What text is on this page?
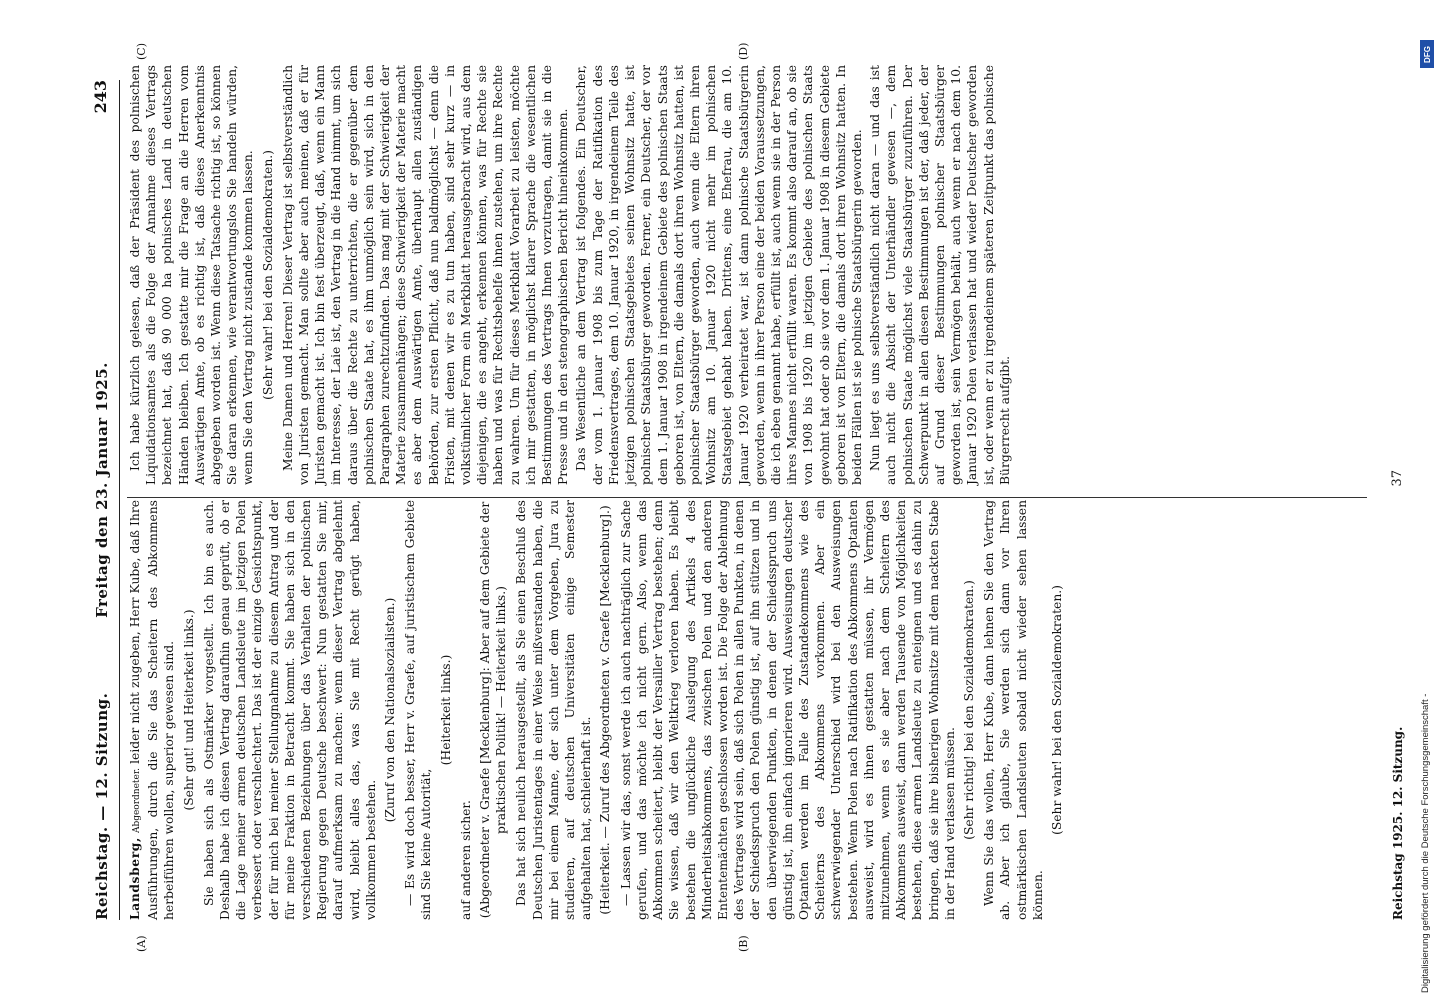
Reichstag. — 12. Sitzung.
Freitag den 23. Januar 1925.
243
(A)	(B)

Landsberg, Abgeordneter. leider nicht zugeben, Herr Kube, daß Ihre Ausführungen, durch die Sie das Scheitern des Abkommens herbeiführen wollen, superior gewesen sind. (Sehr gut! und Heiterkeit links.) Sie haben sich als Ostmärker vorgestellt. Ich bin es auch. Deshalb habe ich diesen Vertrag daraufhin genau geprüft, ob er die Lage meiner armen deutschen Landsleute im jetzigen Polen verbessert oder verschlechtert. Das ist der einzige Gesichtspunkt, der für mich bei meiner Stellungnahme zu diesem Antrag und der für meine Fraktion in Betracht kommt. Sie haben sich in den verschiedenen Beziehungen über das Verhalten der polnischen Regierung gegen Deutsche beschwert: Nun gestatten Sie mir, darauf aufmerksam zu machen: wenn dieser Vertrag abgelehnt wird, bleibt alles das, was Sie mit Recht gerügt haben, vollkommen bestehen.

(Zuruf von den Nationalsozialisten.) — Es wird doch besser, Herr v. Graefe, auf juristischem Gebiete sind Sie keine Autorität,

(Heiterkeit links.)

auf anderen sicher. (Abgeordneter v. Graefe [Mecklenburg]: Aber auf dem Gebiete der praktischen Politik! — Heiterkeit links.) Das hat sich neulich herausgestellt, als Sie einen Beschluß des Deutschen Juristentages in einer Weise mißverstanden haben, die mir bei einem Manne, der sich unter dem Vorgeben, Jura zu studieren, auf deutschen Universitäten einige Semester aufgehalten hat, schleierhaft ist. (Heiterkeit. — Zuruf des Abgeordneten v. Graefe [Mecklenburg].) — Lassen wir das, sonst werde ich auch nachträglich zur Sache gerufen, und das möchte ich nicht gern. Also, wenn das Abkommen scheitert, bleibt der Versailler Vertrag bestehen; denn Sie wissen, daß wir den Weltkrieg verloren haben. Es bleibt bestehen die unglückliche Auslegung des Artikels 4 des Minderheitsabkommens, das zwischen Polen und den anderen Ententemächten geschlossen worden ist. Die Folge der Ablehnung des Vertrages wird sein, daß sich Polen in allen Punkten, in denen der Schiedsspruch den Polen günstig ist, auf ihn stützen und in den überwiegenden Punkten, in denen der Schiedsspruch uns günstig ist, ihn einfach ignorieren wird. Ausweisungen deutscher Optanten werden im Falle des Zustandekommens wie des Scheiterns des Abkommens vorkommen. Aber ein schwerwiegender Unterschied wird bei den Ausweisungen bestehen. Wenn Polen nach Ratifikation des Abkommens Optanten ausweist, wird es ihnen gestatten müssen, ihr Vermögen mitzunehmen, wenn es sie aber nach dem Scheitern des Abkommens ausweist, dann werden Tausende von Möglichkeiten bestehen, diese armen Landsleute zu enteignen und es dahin zu bringen, daß sie ihre bisherigen Wohnsitze mit dem nackten Stabe in der Hand verlassen müssen. (Sehr richtig! bei den Sozialdemokraten.) Wenn Sie das wollen, Herr Kube, dann lehnen Sie den Vertrag ab. Aber ich glaube, Sie werden sich dann vor Ihren ostmärkischen Landsleuten sobald nicht wieder sehen lassen können.

(Sehr wahr! bei den Sozialdemokraten.)

Ich habe kürzlich gelesen, daß der Präsident des polnischen Liquidationsamtes als die Folge der Annahme dieses Vertrags bezeichnet hat, daß 90 000 ha polnisches Land in deutschen Händen bleiben. Ich gestatte mir die Frage an die Herren vom Auswärtigen Amte, ob es richtig ist, daß dieses Anerkenntnis abgegeben worden ist. Wenn diese Tatsache richtig ist, so können Sie daran erkennen, wie verantwortungslos Sie handeln würden, wenn Sie den Vertrag nicht zustande kommen lassen. (Sehr wahr! bei den Sozialdemokraten.) Meine Damen und Herren! Dieser Vertrag ist selbstverständlich von Juristen gemacht. Man sollte aber auch meinen, daß er für Juristen gemacht ist. Ich bin fest überzeugt, daß, wenn ein Mann im Interesse, der Laie ist, den Vertrag in die Hand nimmt, um sich daraus über die Rechte zu unterrichten, die er gegenüber dem polnischen Staate hat, es ihm unmöglich sein wird, sich in den Paragraphen zurechtzufinden. Das mag mit der Schwierigkeit der Materie zusammenhängen; diese Schwierigkeit der Materie macht es aber dem Auswärtigen Amte, überhaupt allen zuständigen Behörden, zur ersten Pflicht, daß nun baldmöglichst — denn die Fristen, mit denen wir es zu tun haben, sind sehr kurz — in volkstümlicher Form ein Merkblatt herausgebracht wird, aus dem diejenigen, die es angeht, erkennen können, was für Rechte sie haben und was für Rechtsbehelfe ihnen zustehen, um ihre Rechte zu wahren. Um für dieses Merkblatt Vorarbeit zu leisten, möchte ich mir gestatten, in möglichst klarer Sprache die wesentlichen Bestimmungen des Vertrags Ihnen vorzutragen, damit sie in die Presse und in den stenographischen Bericht hineinkommen. Das Wesentliche an dem Vertrag ist folgendes. Ein Deutscher, der vom 1. Januar 1908 bis zum Tage der Ratifikation des Friedensvertrages, dem 10. Januar 1920, in irgendeinem Teile des jetzigen polnischen Staatsgebietes seinen Wohnsitz hatte, ist polnischer Staatsbürger geworden. Ferner, ein Deutscher, der vor dem 1. Januar 1908 in irgendeinem Gebiete des polnischen Staats geboren ist, von Eltern, die damals dort ihren Wohnsitz hatten, ist polnischer Staatsbürger geworden, auch wenn die Eltern ihren Wohnsitz am 10. Januar 1920 nicht mehr im polnischen Staatsgebiet gehabt haben. Drittens, eine Ehefrau, die am 10. Januar 1920 verheiratet war, ist dann polnische Staatsbürgerin geworden, wenn in ihrer Person eine der beiden Voraussetzungen, die ich eben genannt habe, erfüllt ist, auch wenn sie in der Person ihres Mannes nicht erfüllt waren. Es kommt also darauf an, ob sie von 1908 bis 1920 im jetzigen Gebiete des polnischen Staats gewohnt hat oder ob sie vor dem 1. Januar 1908 in diesem Gebiete geboren ist von Eltern, die damals dort ihren Wohnsitz hatten. In beiden Fällen ist sie polnische Staatsbürgerin geworden. Nun liegt es uns selbstverständlich nicht daran — und das ist auch nicht die Absicht der Unterhändler gewesen —, dem polnischen Staate möglichst viele Staatsbürger zuzuführen. Der Schwerpunkt in allen diesen Bestimmungen ist der, daß jeder, der auf Grund dieser Bestimmungen polnischer Staatsbürger geworden ist, sein Vermögen behält, auch wenn er nach dem 10. Januar 1920 Polen verlassen hat und wieder Deutscher geworden ist, oder wenn er zu irgendeinem späteren Zeitpunkt das polnische Bürgerrecht aufgibt.

(C)	(D)
Reichstag 1925. 12. Sitzung.
37
DFG
Digitalisierung gefördert durch die Deutsche Forschungsgemeinschaft -
